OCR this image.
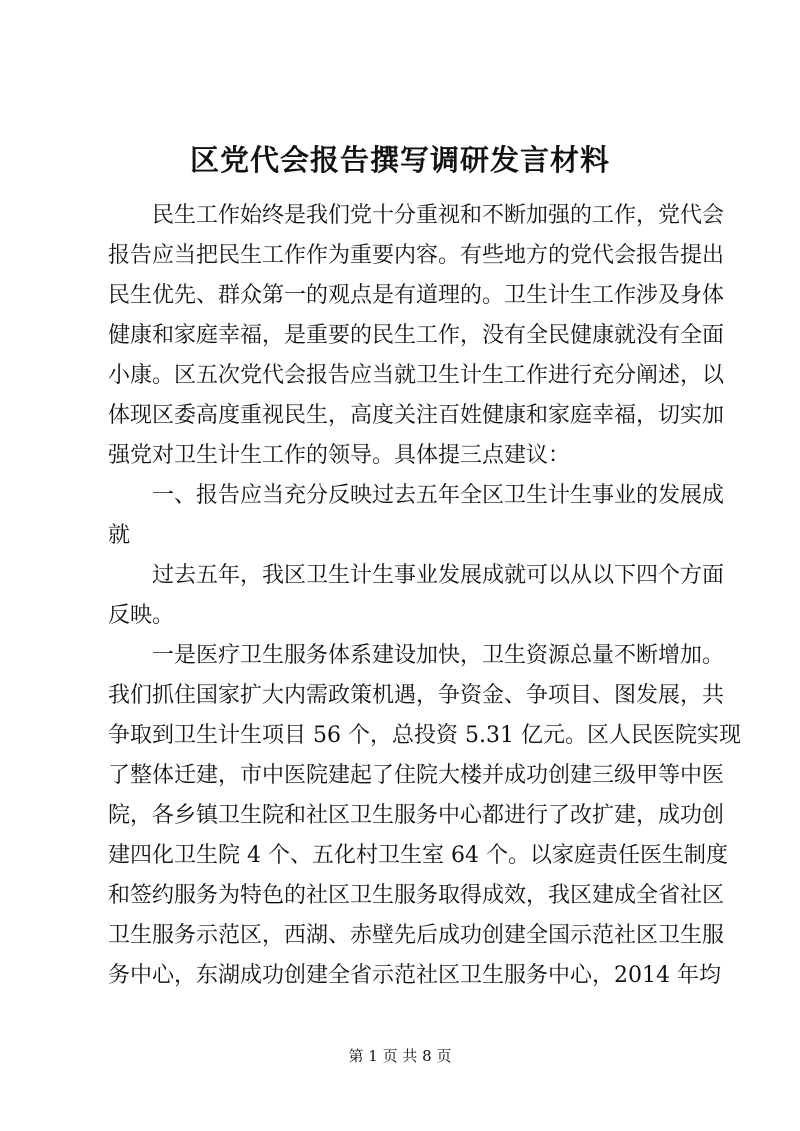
区党代会报告撰写调研发言材料
　　民生工作始终是我们党十分重视和不断加强的工作，党代会
报告应当把民生工作作为重要内容。有些地方的党代会报告提出
民生优先、群众第一的观点是有道理的。卫生计生工作涉及身体
健康和家庭幸福，是重要的民生工作，没有全民健康就没有全面
小康。区五次党代会报告应当就卫生计生工作进行充分阐述，以
体现区委高度重视民生，高度关注百姓健康和家庭幸福，切实加
强党对卫生计生工作的领导。具体提三点建议：
　　一、报告应当充分反映过去五年全区卫生计生事业的发展成
就
　　过去五年，我区卫生计生事业发展成就可以从以下四个方面
反映。
　　一是医疗卫生服务体系建设加快，卫生资源总量不断增加。
我们抓住国家扩大内需政策机遇，争资金、争项目、图发展，共
争取到卫生计生项目 56 个，总投资 5.31 亿元。区人民医院实现
了整体迁建，市中医院建起了住院大楼并成功创建三级甲等中医
院，各乡镇卫生院和社区卫生服务中心都进行了改扩建，成功创
建四化卫生院 4 个、五化村卫生室 64 个。以家庭责任医生制度
和签约服务为特色的社区卫生服务取得成效，我区建成全省社区
卫生服务示范区，西湖、赤壁先后成功创建全国示范社区卫生服
务中心，东湖成功创建全省示范社区卫生服务中心，2014 年均
第 1 页 共 8 页
